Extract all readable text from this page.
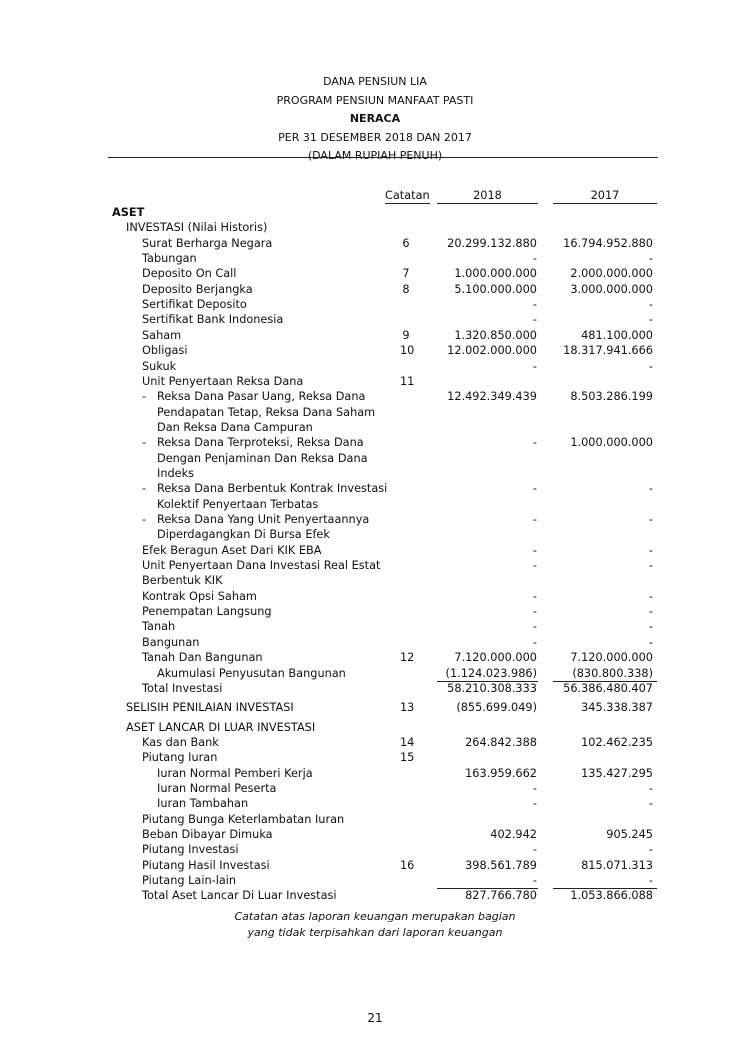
DANA PENSIUN LIA
PROGRAM PENSIUN MANFAAT PASTI
NERACA
PER 31 DESEMBER 2018 DAN 2017
(DALAM RUPIAH PENUH)
Catatan	2018	2017
ASET
INVESTASI (Nilai Historis)
Surat Berharga Negara	6	20.299.132.880 16.794.952.880
Tabungan	-	-
Deposito On Call	7	1.000.000.000	2.000.000.000
Deposito Berjangka	8	5.100.000.000	3.000.000.000
Sertifikat Deposito	-	-
Sertifikat Bank Indonesia	-	-
Saham	9	1.320.850.000	481.100.000
Obligasi	10	12.002.000.000 18.317.941.666
Sukuk	-	-
Unit Penyertaan Reksa Dana	11
- Reksa Dana Pasar Uang, Reksa Dana	12.492.349.439	8.503.286.199
Pendapatan Tetap, Reksa Dana Saham
Dan Reksa Dana Campuran
- Reksa Dana Terproteksi, Reksa Dana	-	1.000.000.000
Dengan Penjaminan Dan Reksa Dana
Indeks
- Reksa Dana Berbentuk Kontrak Investasi	-	-
Kolektif Penyertaan Terbatas
- Reksa Dana Yang Unit Penyertaannya	-	-
Diperdagangkan Di Bursa Efek
Efek Beragun Aset Dari KIK EBA	-	-
Unit Penyertaan Dana Investasi Real Estat	-	-
Berbentuk KIK
Kontrak Opsi Saham	-	-
Penempatan Langsung	-	-
Tanah	-	-
Bangunan	-	-
Tanah Dan Bangunan	12	7.120.000.000	7.120.000.000
Akumulasi Penyusutan Bangunan	(1.124.023.986)	(830.800.338)
Total Investasi	58.210.308.333 56.386.480.407
SELISIH PENILAIAN INVESTASI	13	(855.699.049)	345.338.387
ASET LANCAR DI LUAR INVESTASI
Kas dan Bank	14	264.842.388	102.462.235
Piutang Iuran	15
Iuran Normal Pemberi Kerja	163.959.662	135.427.295
Iuran Normal Peserta	-	-
Iuran Tambahan	-	-
Piutang Bunga Keterlambatan Iuran
Beban Dibayar Dimuka	402.942	905.245
Piutang Investasi	-	-
Piutang Hasil Investasi	16	398.561.789	815.071.313
Piutang Lain-lain	-	-
Total Aset Lancar Di Luar Investasi	827.766.780	1.053.866.088
Catatan atas laporan keuangan merupakan bagian
yang tidak terpisahkan dari laporan keuangan
21
